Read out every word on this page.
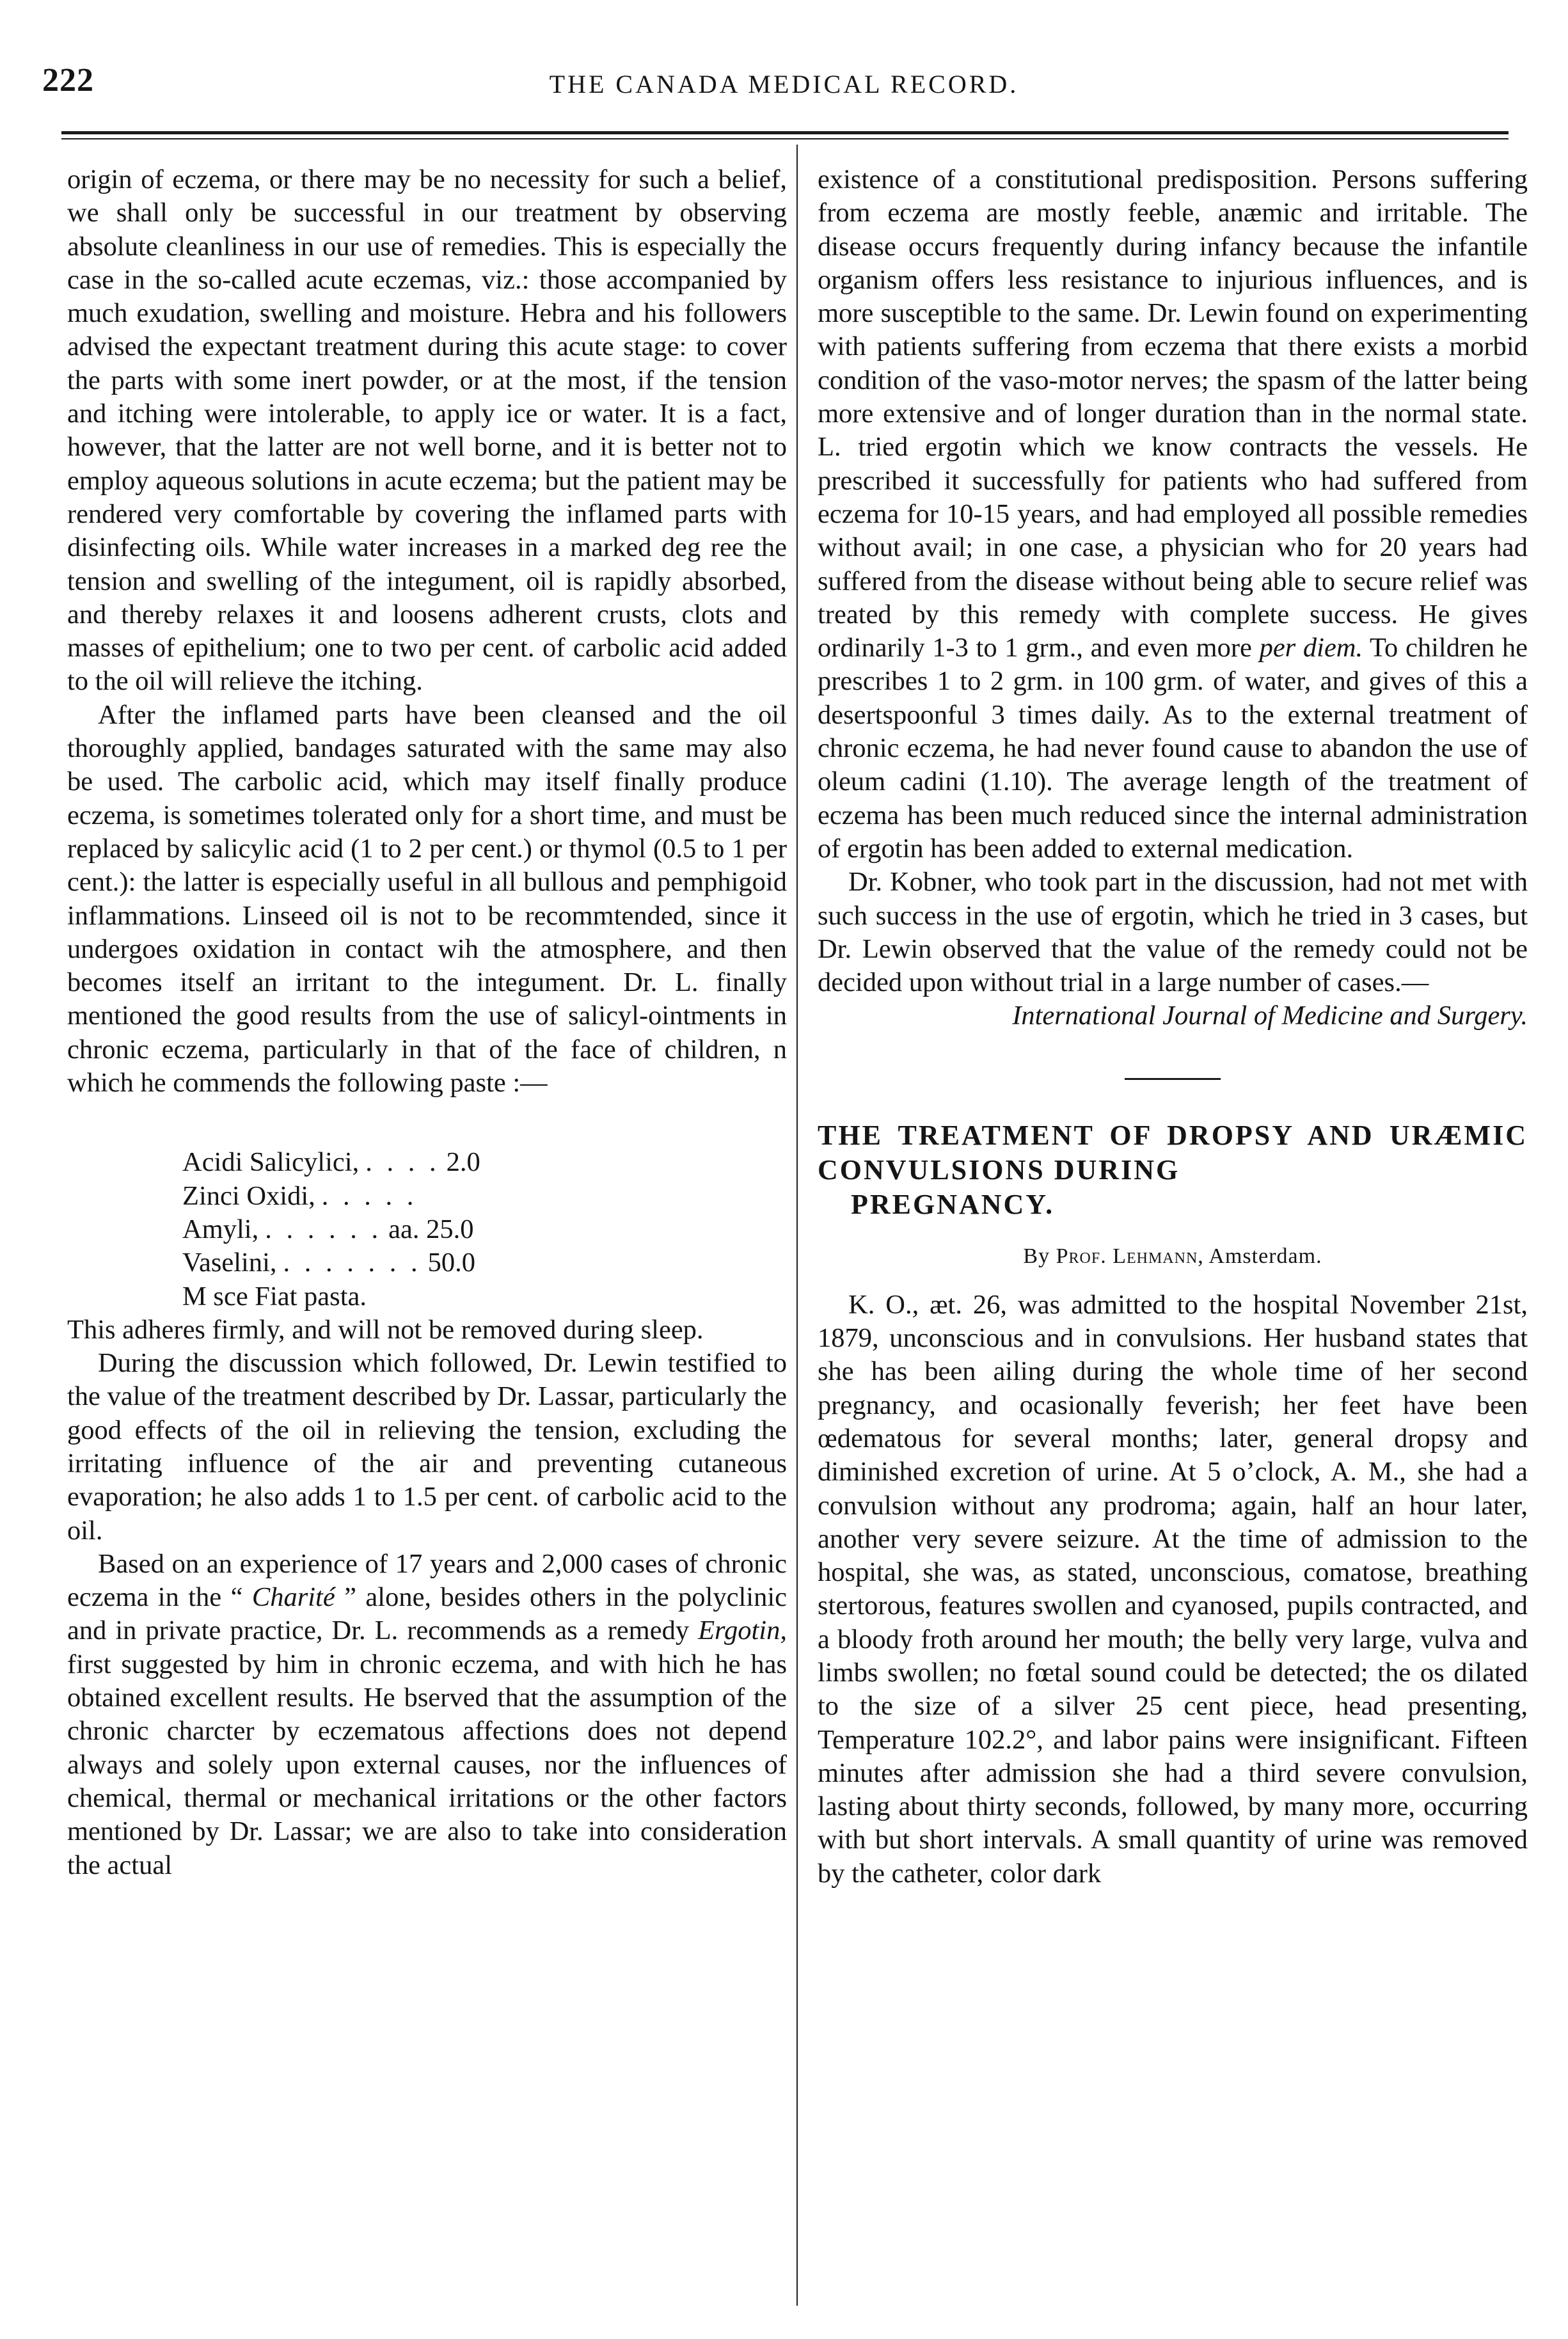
222	THE CANADA MEDICAL RECORD.

origin of eczema, or there may be no necessity for such a belief, we shall only be successful in our treatment by observing absolute cleanliness in our use of remedies. This is especially the case in the so-called acute eczemas, viz.: those accompanied by much exudation, swelling and moisture. Hebra and his followers advised the expectant treatment during this acute stage: to cover the parts with some inert powder, or at the most, if the tension and itching were intolerable, to apply ice or water. It is a fact, however, that the latter are not well borne, and it is better not to employ aqueous solutions in acute eczema; but the patient may be rendered very comfortable by covering the inflamed parts with disinfecting oils. While water increases in a marked deg ree the tension and swelling of the integument, oil is rapidly absorbed, and thereby relaxes it and loosens adherent crusts, clots and masses of epithelium; one to two per cent. of carbolic acid added to the oil will relieve the itching.

After the inflamed parts have been cleansed and the oil thoroughly applied, bandages saturated with the same may also be used. The carbolic acid, which may itself finally produce eczema, is sometimes tolerated only for a short time, and must be replaced by salicylic acid (1 to 2 per cent.) or thymol (0.5 to 1 per cent.): the latter is especially useful in all bullous and pemphigoid inflammations. Linseed oil is not to be recommtended, since it undergoes oxidation in contact wih the atmosphere, and then becomes itself an irritant to the integument. Dr. L. finally mentioned the good results from the use of salicyl-ointments in chronic eczema, particularly in that of the face of children, n which he commends the following paste :—

Acidi Salicylici, . . . . 2.0
Zinci Oxidi, . . . . .
Amyli, . . . . . . aa. 25.0
Vaselini, . . . . . . . 50.0
M sce Fiat pasta.

This adheres firmly, and will not be removed during sleep.

During the discussion which followed, Dr. Lewin testified to the value of the treatment described by Dr. Lassar, particularly the good effects of the oil in relieving the tension, excluding the irritating influence of the air and preventing cutaneous evaporation; he also adds 1 to 1.5 per cent. of carbolic acid to the oil.

Based on an experience of 17 years and 2,000 cases of chronic eczema in the “ Charité ” alone, besides others in the polyclinic and in private practice, Dr. L. recommends as a remedy Ergotin, first suggested by him in chronic eczema, and with hich he has obtained excellent results. He bserved that the assumption of the chronic charcter by eczematous affections does not depend always and solely upon external causes, nor the influences of chemical, thermal or mechanical irritations or the other factors mentioned by Dr. Lassar; we are also to take into consideration the actual

existence of a constitutional predisposition. Persons suffering from eczema are mostly feeble, anæmic and irritable. The disease occurs frequently during infancy because the infantile organism offers less resistance to injurious influences, and is more susceptible to the same. Dr. Lewin found on experimenting with patients suffering from eczema that there exists a morbid condition of the vaso-motor nerves; the spasm of the latter being more extensive and of longer duration than in the normal state. L. tried ergotin which we know contracts the vessels. He prescribed it successfully for patients who had suffered from eczema for 10-15 years, and had employed all possible remedies without avail; in one case, a physician who for 20 years had suffered from the disease without being able to secure relief was treated by this remedy with complete success. He gives ordinarily 1-3 to 1 grm., and even more per diem. To children he prescribes 1 to 2 grm. in 100 grm. of water, and gives of this a desertspoonful 3 times daily. As to the external treatment of chronic eczema, he had never found cause to abandon the use of oleum cadini (1.10). The average length of the treatment of eczema has been much reduced since the internal administration of ergotin has been added to external medication.

Dr. Kobner, who took part in the discussion, had not met with such success in the use of ergotin, which he tried in 3 cases, but Dr. Lewin observed that the value of the remedy could not be decided upon without trial in a large number of cases.—

International Journal of Medicine and Surgery.

THE TREATMENT OF DROPSY AND URÆMIC CONVULSIONS DURING
PREGNANCY.
By Prof. Lehmann, Amsterdam.

K. O., æt. 26, was admitted to the hospital November 21st, 1879, unconscious and in convulsions. Her husband states that she has been ailing during the whole time of her second pregnancy, and ocasionally feverish; her feet have been œdematous for several months; later, general dropsy and diminished excretion of urine. At 5 o’clock, A. M., she had a convulsion without any prodroma; again, half an hour later, another very severe seizure. At the time of admission to the hospital, she was, as stated, unconscious, comatose, breathing stertorous, features swollen and cyanosed, pupils contracted, and a bloody froth around her mouth; the belly very large, vulva and limbs swollen; no fœtal sound could be detected; the os dilated to the size of a silver 25 cent piece, head presenting, Temperature 102.2°, and labor pains were insignificant. Fifteen minutes after admission she had a third severe convulsion, lasting about thirty seconds, followed, by many more, occurring with but short intervals. A small quantity of urine was removed by the catheter, color dark
